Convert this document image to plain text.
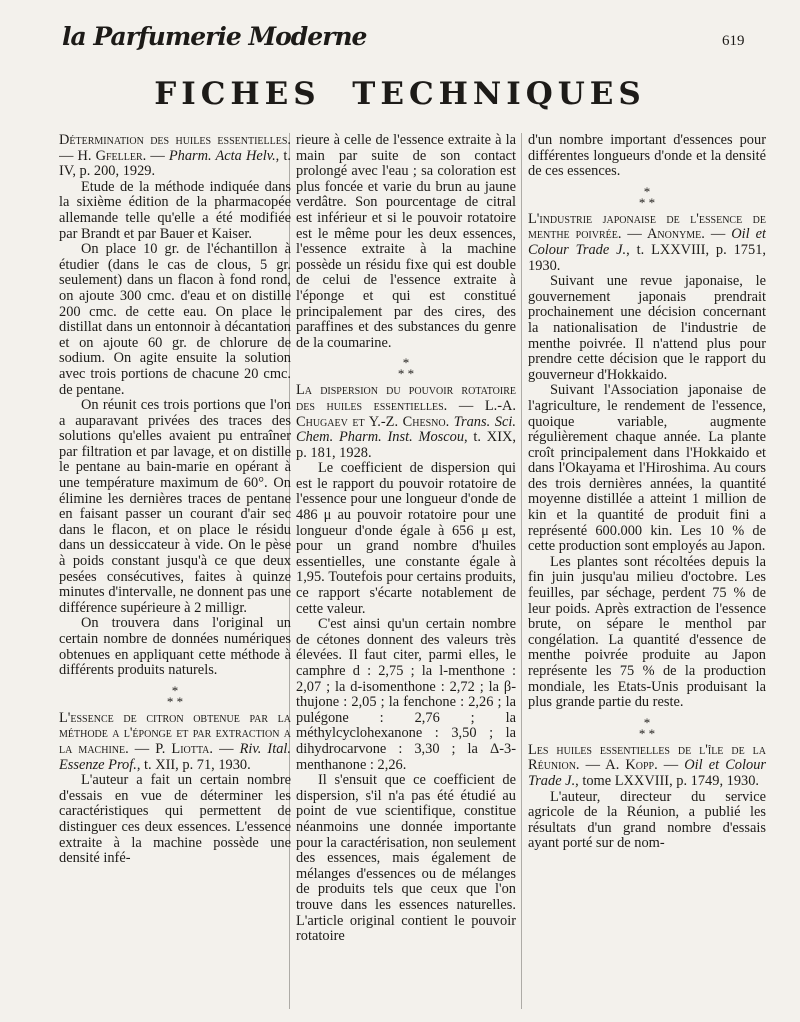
la Parfumerie Moderne	619
FICHES  TECHNIQUES

Détermination des huiles essentielles. — H. Gfeller. — Pharm. Acta Helv., t. IV, p. 200, 1929.

Etude de la méthode indiquée dans la sixième édition de la pharmacopée allemande telle qu'elle a été modifiée par Brandt et par Bauer et Kaiser.

On place 10 gr. de l'échantillon à étudier (dans le cas de clous, 5 gr. seulement) dans un flacon à fond rond, on ajoute 300 cmc. d'eau et on distille 200 cmc. de cette eau. On place le distillat dans un entonnoir à décantation et on ajoute 60 gr. de chlorure de sodium. On agite ensuite la solution avec trois portions de chacune 20 cmc. de pentane.

On réunit ces trois portions que l'on a auparavant privées des traces des solutions qu'elles avaient pu entraîner par filtration et par lavage, et on distille le pentane au bain-marie en opérant à une température maximum de 60°. On élimine les dernières traces de pentane en faisant passer un courant d'air sec dans le flacon, et on place le résidu dans un dessiccateur à vide. On le pèse à poids constant jusqu'à ce que deux pesées consécutives, faites à quinze minutes d'intervalle, ne donnent pas une différence supérieure à 2 milligr.

On trouvera dans l'original un certain nombre de données numériques obtenues en appliquant cette méthode à différents produits naturels.

*
* *

L'essence de citron obtenue par la méthode a l'éponge et par extraction a la machine. — P. Liotta. — Riv. Ital. Essenze Prof., t. XII, p. 71, 1930.

L'auteur a fait un certain nombre d'essais en vue de déterminer les caractéristiques qui permettent de distinguer ces deux essences. L'essence extraite à la machine possède une densité infé-

rieure à celle de l'essence extraite à la main par suite de son contact prolongé avec l'eau ; sa coloration est plus foncée et varie du brun au jaune verdâtre. Son pourcentage de citral est inférieur et si le pouvoir rotatoire est le même pour les deux essences, l'essence extraite à la machine possède un résidu fixe qui est double de celui de l'essence extraite à l'éponge et qui est constitué principalement par des cires, des paraffines et des substances du genre de la coumarine.

*
* *

La dispersion du pouvoir rotatoire des huiles essentielles. — L.-A. Chugaev et Y.-Z. Chesno. Trans. Sci. Chem. Pharm. Inst. Moscou, t. XIX, p. 181, 1928.

Le coefficient de dispersion qui est le rapport du pouvoir rotatoire de l'essence pour une longueur d'onde de 486 μ au pouvoir rotatoire pour une longueur d'onde égale à 656 μ est, pour un grand nombre d'huiles essentielles, une constante égale à 1,95. Toutefois pour certains produits, ce rapport s'écarte notablement de cette valeur.

C'est ainsi qu'un certain nombre de cétones donnent des valeurs très élevées. Il faut citer, parmi elles, le camphre d : 2,75 ; la l-menthone : 2,07 ; la d-isomenthone : 2,72 ; la β-thujone : 2,05 ; la fenchone : 2,26 ; la pulégone : 2,76 ; la méthylcyclohexanone : 3,50 ; la dihydrocarvone : 3,30 ; la Δ-3-menthanone : 2,26.

Il s'ensuit que ce coefficient de dispersion, s'il n'a pas été étudié au point de vue scientifique, constitue néanmoins une donnée importante pour la caractérisation, non seulement des essences, mais également de mélanges d'essences ou de mélanges de produits tels que ceux que l'on trouve dans les essences naturelles. L'article original contient le pouvoir rotatoire

d'un nombre important d'essences pour différentes longueurs d'onde et la densité de ces essences.

*
* *

L'industrie japonaise de l'essence de menthe poivrée. — Anonyme. — Oil et Colour Trade J., t. LXXVIII, p. 1751, 1930.

Suivant une revue japonaise, le gouvernement japonais prendrait prochainement une décision concernant la nationalisation de l'industrie de menthe poivrée. Il n'attend plus pour prendre cette décision que le rapport du gouverneur d'Hokkaido.

Suivant l'Association japonaise de l'agriculture, le rendement de l'essence, quoique variable, augmente régulièrement chaque année. La plante croît principalement dans l'Hokkaido et dans l'Okayama et l'Hiroshima. Au cours des trois dernières années, la quantité moyenne distillée a atteint 1 million de kin et la quantité de produit fini a représenté 600.000 kin. Les 10 % de cette production sont employés au Japon.

Les plantes sont récoltées depuis la fin juin jusqu'au milieu d'octobre. Les feuilles, par séchage, perdent 75 % de leur poids. Après extraction de l'essence brute, on sépare le menthol par congélation. La quantité d'essence de menthe poivrée produite au Japon représente les 75 % de la production mondiale, les Etats-Unis produisant la plus grande partie du reste.

*
* *

Les huiles essentielles de l'île de la Réunion. — A. Kopp. — Oil et Colour Trade J., tome LXXVIII, p. 1749, 1930.

L'auteur, directeur du service agricole de la Réunion, a publié les résultats d'un grand nombre d'essais ayant porté sur de nom-
